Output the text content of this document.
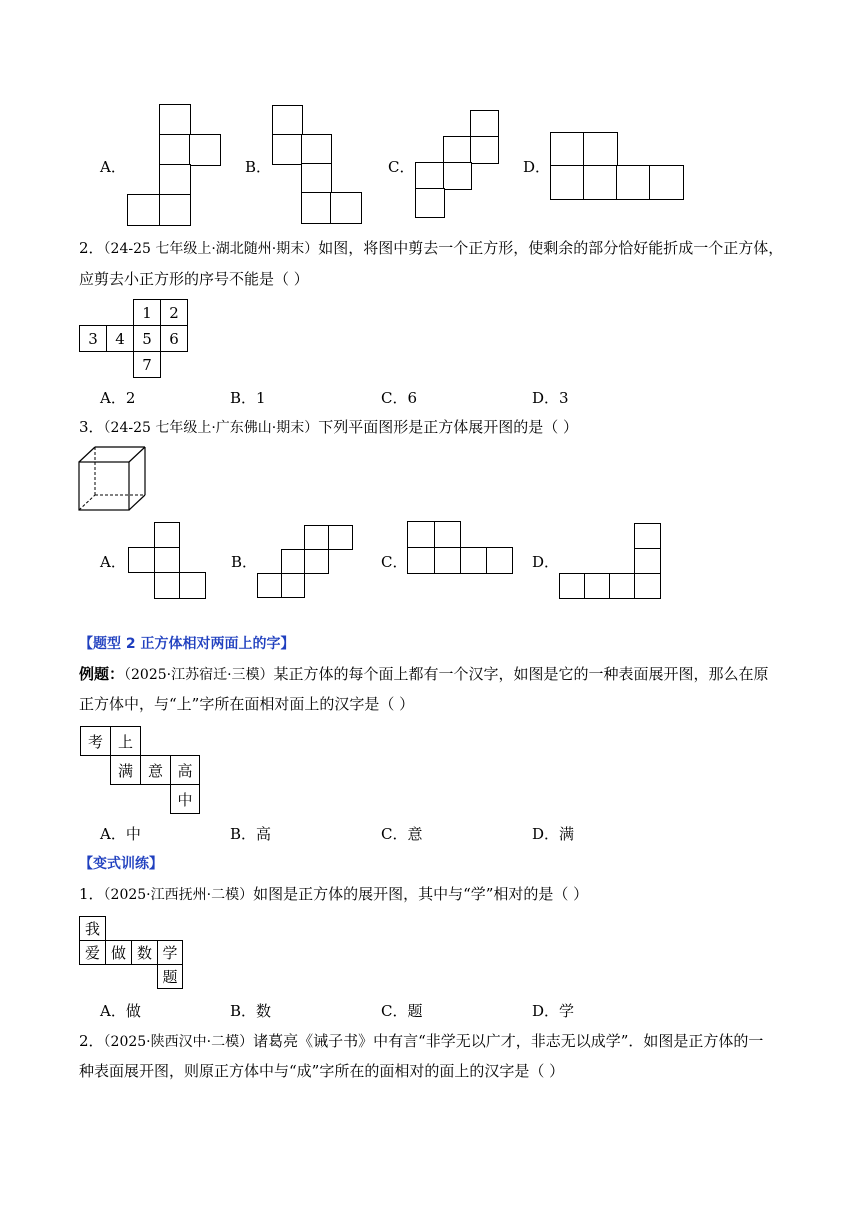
A．	B．	C．	D．
2．（24-25 七年级上·湖北随州·期末）如图，将图中剪去一个正方形，使剩余的部分恰好能折成一个正方体，
应剪去小正方形的序号不能是（ ）
1	2
3	4	5	6
7
A．2	B．1	C．6	D．3
3．（24-25 七年级上·广东佛山·期末）下列平面图形是正方体展开图的是（ ）
A．	B．	C．	D．
【题型 2 正方体相对两面上的字】
例题：（2025·江苏宿迁·三模）某正方体的每个面上都有一个汉字，如图是它的一种表面展开图，那么在原
正方体中，与“上”字所在面相对面上的汉字是（ ）
考 上
满 意 高
中
A．中	B．高	C．意	D．满
【变式训练】
1．（2025·江西抚州·二模）如图是正方体的展开图，其中与“学”相对的是（ ）
我
爱 做 数 学
题
A．做	B．数	C．题	D．学
2．（2025·陕西汉中·二模）诸葛亮《诫子书》中有言“非学无以广才，非志无以成学”．如图是正方体的一
种表面展开图，则原正方体中与“成”字所在的面相对的面上的汉字是（ ）
